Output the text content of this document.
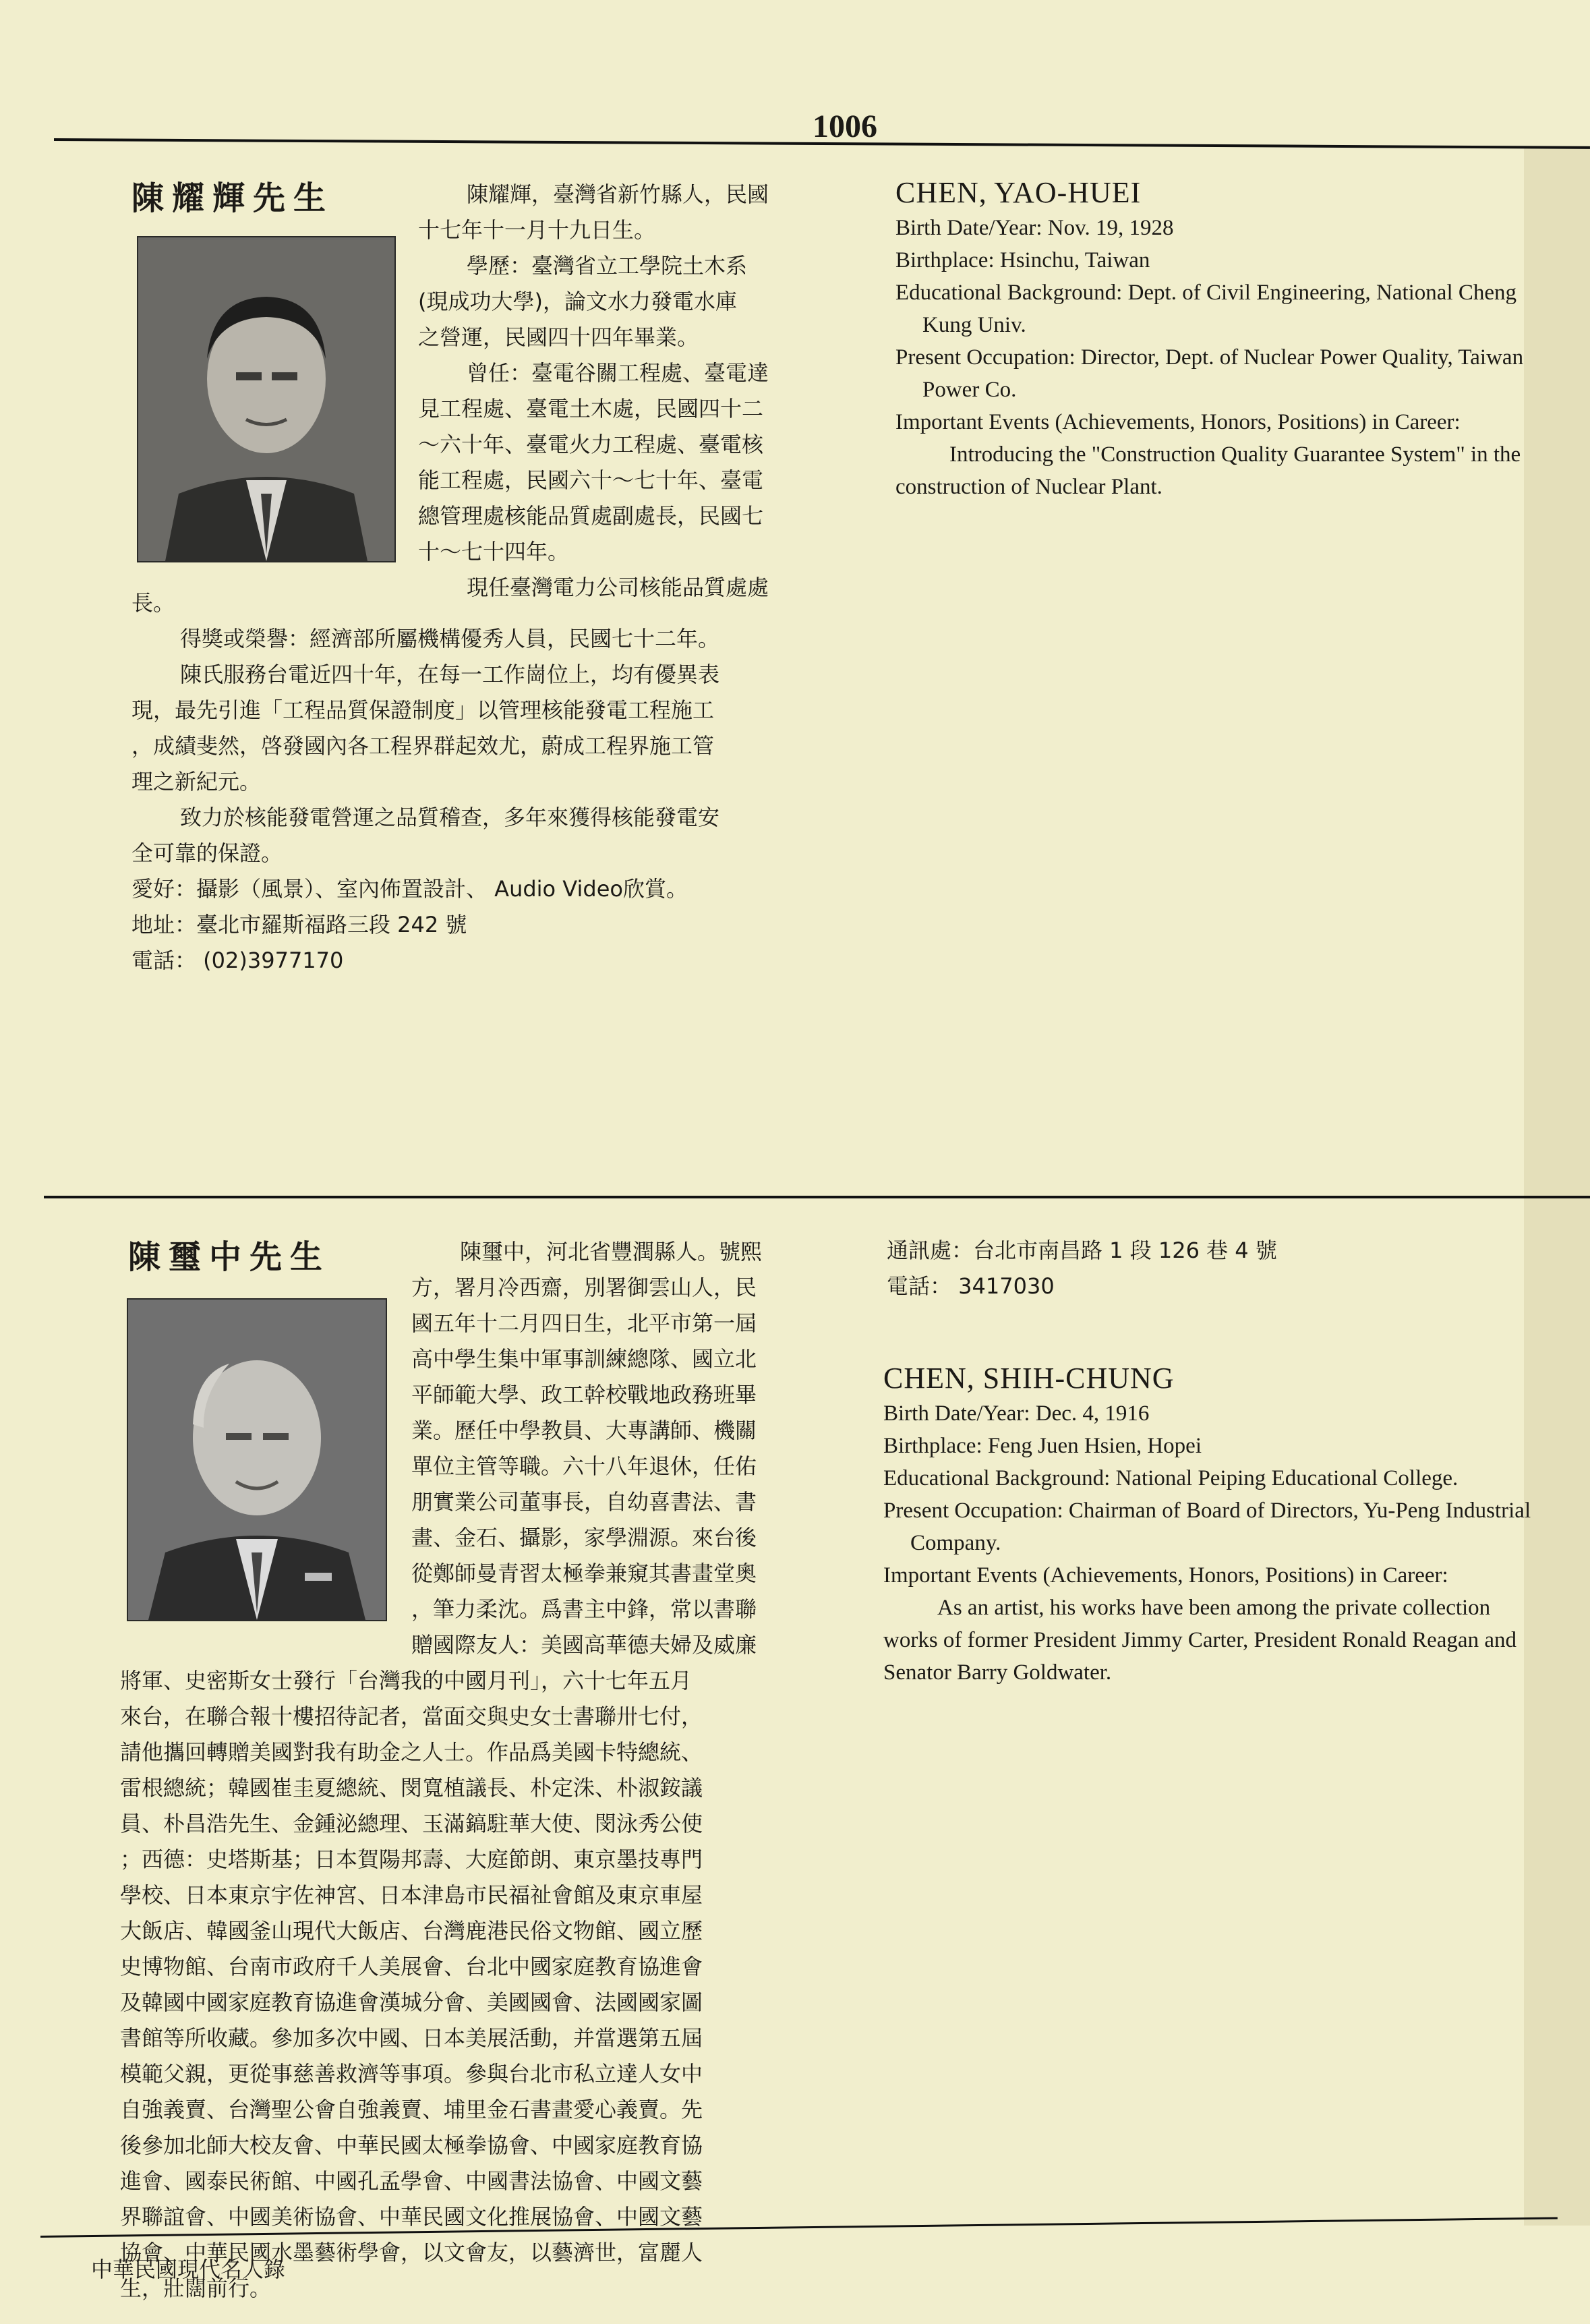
1006
陳耀輝先生	陳耀輝，臺灣省新竹縣人，民國

十七年十一月十九日生。

學歷：臺灣省立工學院土木系

(現成功大學)，論文水力發電水庫

之營運，民國四十四年畢業。

曾任：臺電谷關工程處、臺電達

見工程處、臺電土木處，民國四十二

～六十年、臺電火力工程處、臺電核

能工程處，民國六十～七十年、臺電

總管理處核能品質處副處長，民國七

十～七十四年。

現任臺灣電力公司核能品質處處

長。

得獎或榮譽：經濟部所屬機構優秀人員，民國七十二年。

陳氏服務台電近四十年，在每一工作崗位上，均有優異表

現，最先引進「工程品質保證制度」以管理核能發電工程施工

，成績斐然，啓發國內各工程界群起效尤，蔚成工程界施工管

理之新紀元。

致力於核能發電營運之品質稽查，多年來獲得核能發電安

全可靠的保證。

愛好：攝影（風景）、室內佈置設計、 Audio Video欣賞。

地址：臺北市羅斯福路三段 242 號

電話： (02)3977170

CHEN, YAO-HUEI

Birth Date/Year: Nov. 19, 1928

Birthplace: Hsinchu, Taiwan

Educational Background: Dept. of Civil Engineering, National Cheng Kung Univ.

Present Occupation: Director, Dept. of Nuclear Power Quality, Taiwan Power Co.

Important Events (Achievements, Honors, Positions) in Career:

Introducing the "Construction Quality Guarantee System" in the construction of Nuclear Plant.

陳璽中先生	陳璽中，河北省豐潤縣人。號熙

方，署月冷西齋，別署御雲山人，民

國五年十二月四日生，北平市第一屆

高中學生集中軍事訓練總隊、國立北

平師範大學、政工幹校戰地政務班畢

業。歷任中學教員、大專講師、機關

單位主管等職。六十八年退休，任佑

朋實業公司董事長，自幼喜書法、書

畫、金石、攝影，家學淵源。來台後

從鄭師曼青習太極拳兼窺其書畫堂奧

，筆力柔沈。爲書主中鋒，常以書聯

贈國際友人：美國高華德夫婦及威廉

將軍、史密斯女士發行「台灣我的中國月刊」，六十七年五月

來台，在聯合報十樓招待記者，當面交與史女士書聯卅七付，

請他攜回轉贈美國對我有助金之人士。作品爲美國卡特總統、

雷根總統；韓國崔圭夏總統、閔寬植議長、朴定洙、朴淑銨議

員、朴昌浩先生、金鍾泌總理、玉滿鎬駐華大使、閔泳秀公使

；西德：史塔斯基；日本賀陽邦壽、大庭節朗、東京墨技專門

學校、日本東京宇佐神宮、日本津島市民福祉會館及東京車屋

大飯店、韓國釜山現代大飯店、台灣鹿港民俗文物館、國立歷

史博物館、台南市政府千人美展會、台北中國家庭教育協進會

及韓國中國家庭教育協進會漢城分會、美國國會、法國國家圖

書館等所收藏。參加多次中國、日本美展活動，并當選第五屆

模範父親，更從事慈善救濟等事項。參與台北市私立達人女中

自強義賣、台灣聖公會自強義賣、埔里金石書畫愛心義賣。先

後參加北師大校友會、中華民國太極拳協會、中國家庭教育協

進會、國泰民術館、中國孔孟學會、中國書法協會、中國文藝

界聯誼會、中國美術協會、中華民國文化推展協會、中國文藝

協會、中華民國水墨藝術學會，以文會友，以藝濟世，富麗人

生，壯闊前行。

通訊處：台北市南昌路 1 段 126 巷 4 號

電話： 3417030

CHEN, SHIH-CHUNG

Birth Date/Year: Dec. 4, 1916

Birthplace: Feng Juen Hsien, Hopei

Educational Background: National Peiping Educational College.

Present Occupation: Chairman of Board of Directors, Yu-Peng Industrial Company.

Important Events (Achievements, Honors, Positions) in Career:

As an artist, his works have been among the private collection works of former President Jimmy Carter, President Ronald Reagan and Senator Barry Goldwater.

中華民國現代名人錄
